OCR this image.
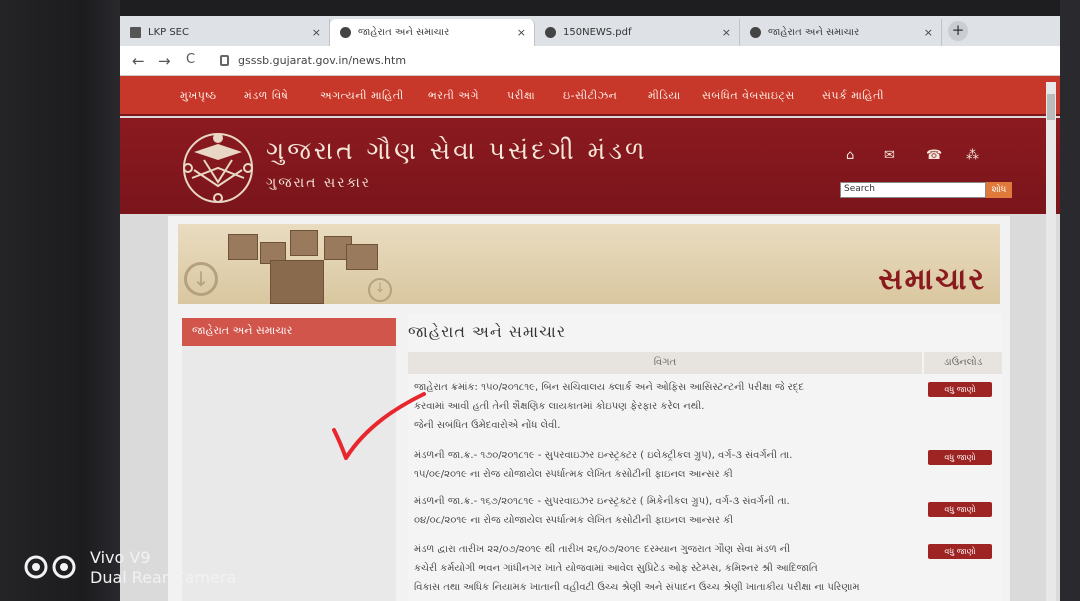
LKP SEC	×	જાહેરાત અને સમાચાર	×	150NEWS.pdf	×	જાહેરાત અને સમાચાર	× +
← → C	gsssb.gujarat.gov.in/news.htm
મુખપૃષ્ઠ મંડળ વિષે	અગત્યની માહિતી ભરતી અંગે	પરીક્ષા	ઇ-સીટીઝન	મીડિયા સબંધિત વેબસાઇટ્સ સંપર્ક માહિતી
ગુજરાત ગૌણ સેવા પસંદગી મંડળ
ગુજરાત સરકાર
⌂ ✉ ☎ ⁂
Search	શોધ
↓	↓	સમાચાર
જાહેરાત અને સમાચાર	જાહેરાત અને સમાચાર
વિગત	ડાઉનલોડ
જાહેરાત ક્રમાંક: ૧૫૦/૨૦૧૮૧૯, બિન સચિવાલય ક્લાર્ક અને ઓફિસ આસિસ્ટન્ટની પરીક્ષા જે રદ્દ
કરવામાં આવી હતી તેની શૈક્ષણિક લાયકાતમાં કોઇપણ ફેરફાર કરેલ નથી.
જેની સબંધિત ઉમેદવારોએ નોંધ લેવી.
વધુ જાણો
મંડળની જા.ક્ર.- ૧૭૦/૨૦૧૮૧૯ - સુપરવાઇઝર ઇન્સ્ટ્રક્ટર ( ઇલેક્ટ્રીકલ ગ્રુપ), વર્ગ-૩ સંવર્ગની તા.
૧૫/૦૯/૨૦૧૯ ના રોજ યોજાયેલ સ્પર્ધાત્મક લેખિત કસોટીની ફાઇનલ આન્સર કી
વધુ જાણો
મંડળની જા.ક્ર.- ૧૬૭/૨૦૧૮૧૯ - સુપરવાઇઝર ઇન્સ્ટ્રક્ટર ( મિકેનીકલ ગ્રુપ), વર્ગ-૩ સંવર્ગની તા.
૦૪/૦૮/૨૦૧૯ ના રોજ યોજાયેલ સ્પર્ધાત્મક લેખિત કસોટીની ફાઇનલ આન્સર કી
વધુ જાણો
મંડળ દ્વારા તારીખ ૨૨/૦૭/૨૦૧૯ થી તારીખ ૨૬/૦૭/૨૦૧૯ દરમ્યાન ગુજરાત ગૌણ સેવા મંડળ ની
કચેરી કર્મયોગી ભવન ગાંધીનગર ખાતે યોજવામાં આવેલ સુપ્રિટેડ ઓફ સ્ટેમ્પ્સ, કમિશ્નર શ્રી આદિજાતિ
વિકાસ તથા અધિક નિયામક ખાતાની વહીવટી ઉચ્ચ શ્રેણી અને સંપાદન ઉચ્ચ શ્રેણી ખાતાકીય પરીક્ષા ના પરિણામ
વધુ જાણો
Vivo V9
Dual Rear Camera
